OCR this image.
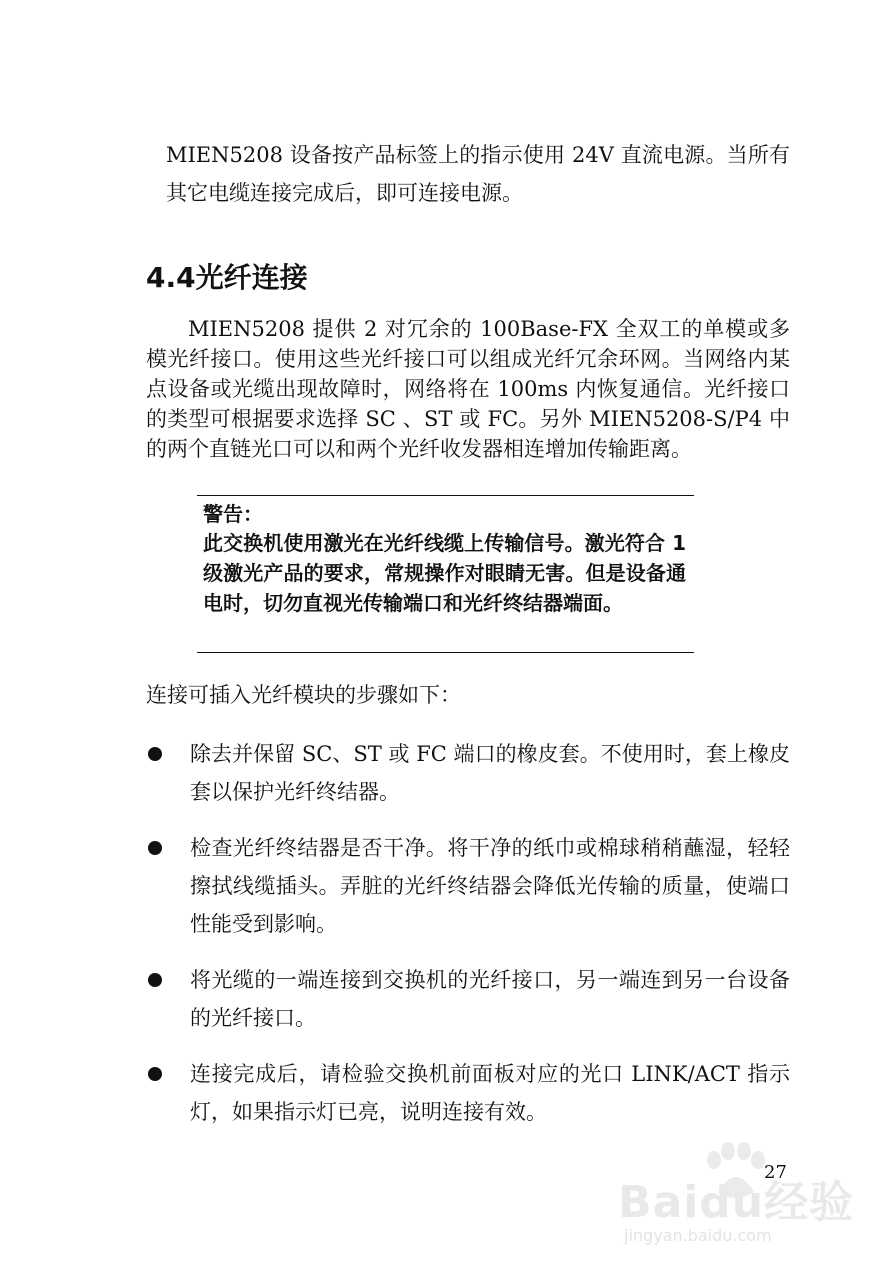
MIEN5208 设备按产品标签上的指示使用 24V 直流电源。当所有其它电缆连接完成后，即可连接电源。

4.4光纤连接

MIEN5208 提供 2 对冗余的 100Base-FX 全双工的单模或多模光纤接口。使用这些光纤接口可以组成光纤冗余环网。当网络内某点设备或光缆出现故障时，网络将在 100ms 内恢复通信。光纤接口的类型可根据要求选择 SC 、ST 或 FC。另外 MIEN5208-S/P4 中的两个直链光口可以和两个光纤收发器相连增加传输距离。

警告：

此交换机使用激光在光纤线缆上传输信号。激光符合 1 级激光产品的要求，常规操作对眼睛无害。但是设备通电时，切勿直视光传输端口和光纤终结器端面。

连接可插入光纤模块的步骤如下：

除去并保留 SC、ST 或 FC 端口的橡皮套。不使用时，套上橡皮套以保护光纤终结器。
检查光纤终结器是否干净。将干净的纸巾或棉球稍稍蘸湿，轻轻擦拭线缆插头。弄脏的光纤终结器会降低光传输的质量，使端口性能受到影响。
将光缆的一端连接到交换机的光纤接口，另一端连到另一台设备的光纤接口。
连接完成后，请检验交换机前面板对应的光口 LINK/ACT 指示灯，如果指示灯已亮，说明连接有效。
27
Baidu经验
jingyan.baidu.com
